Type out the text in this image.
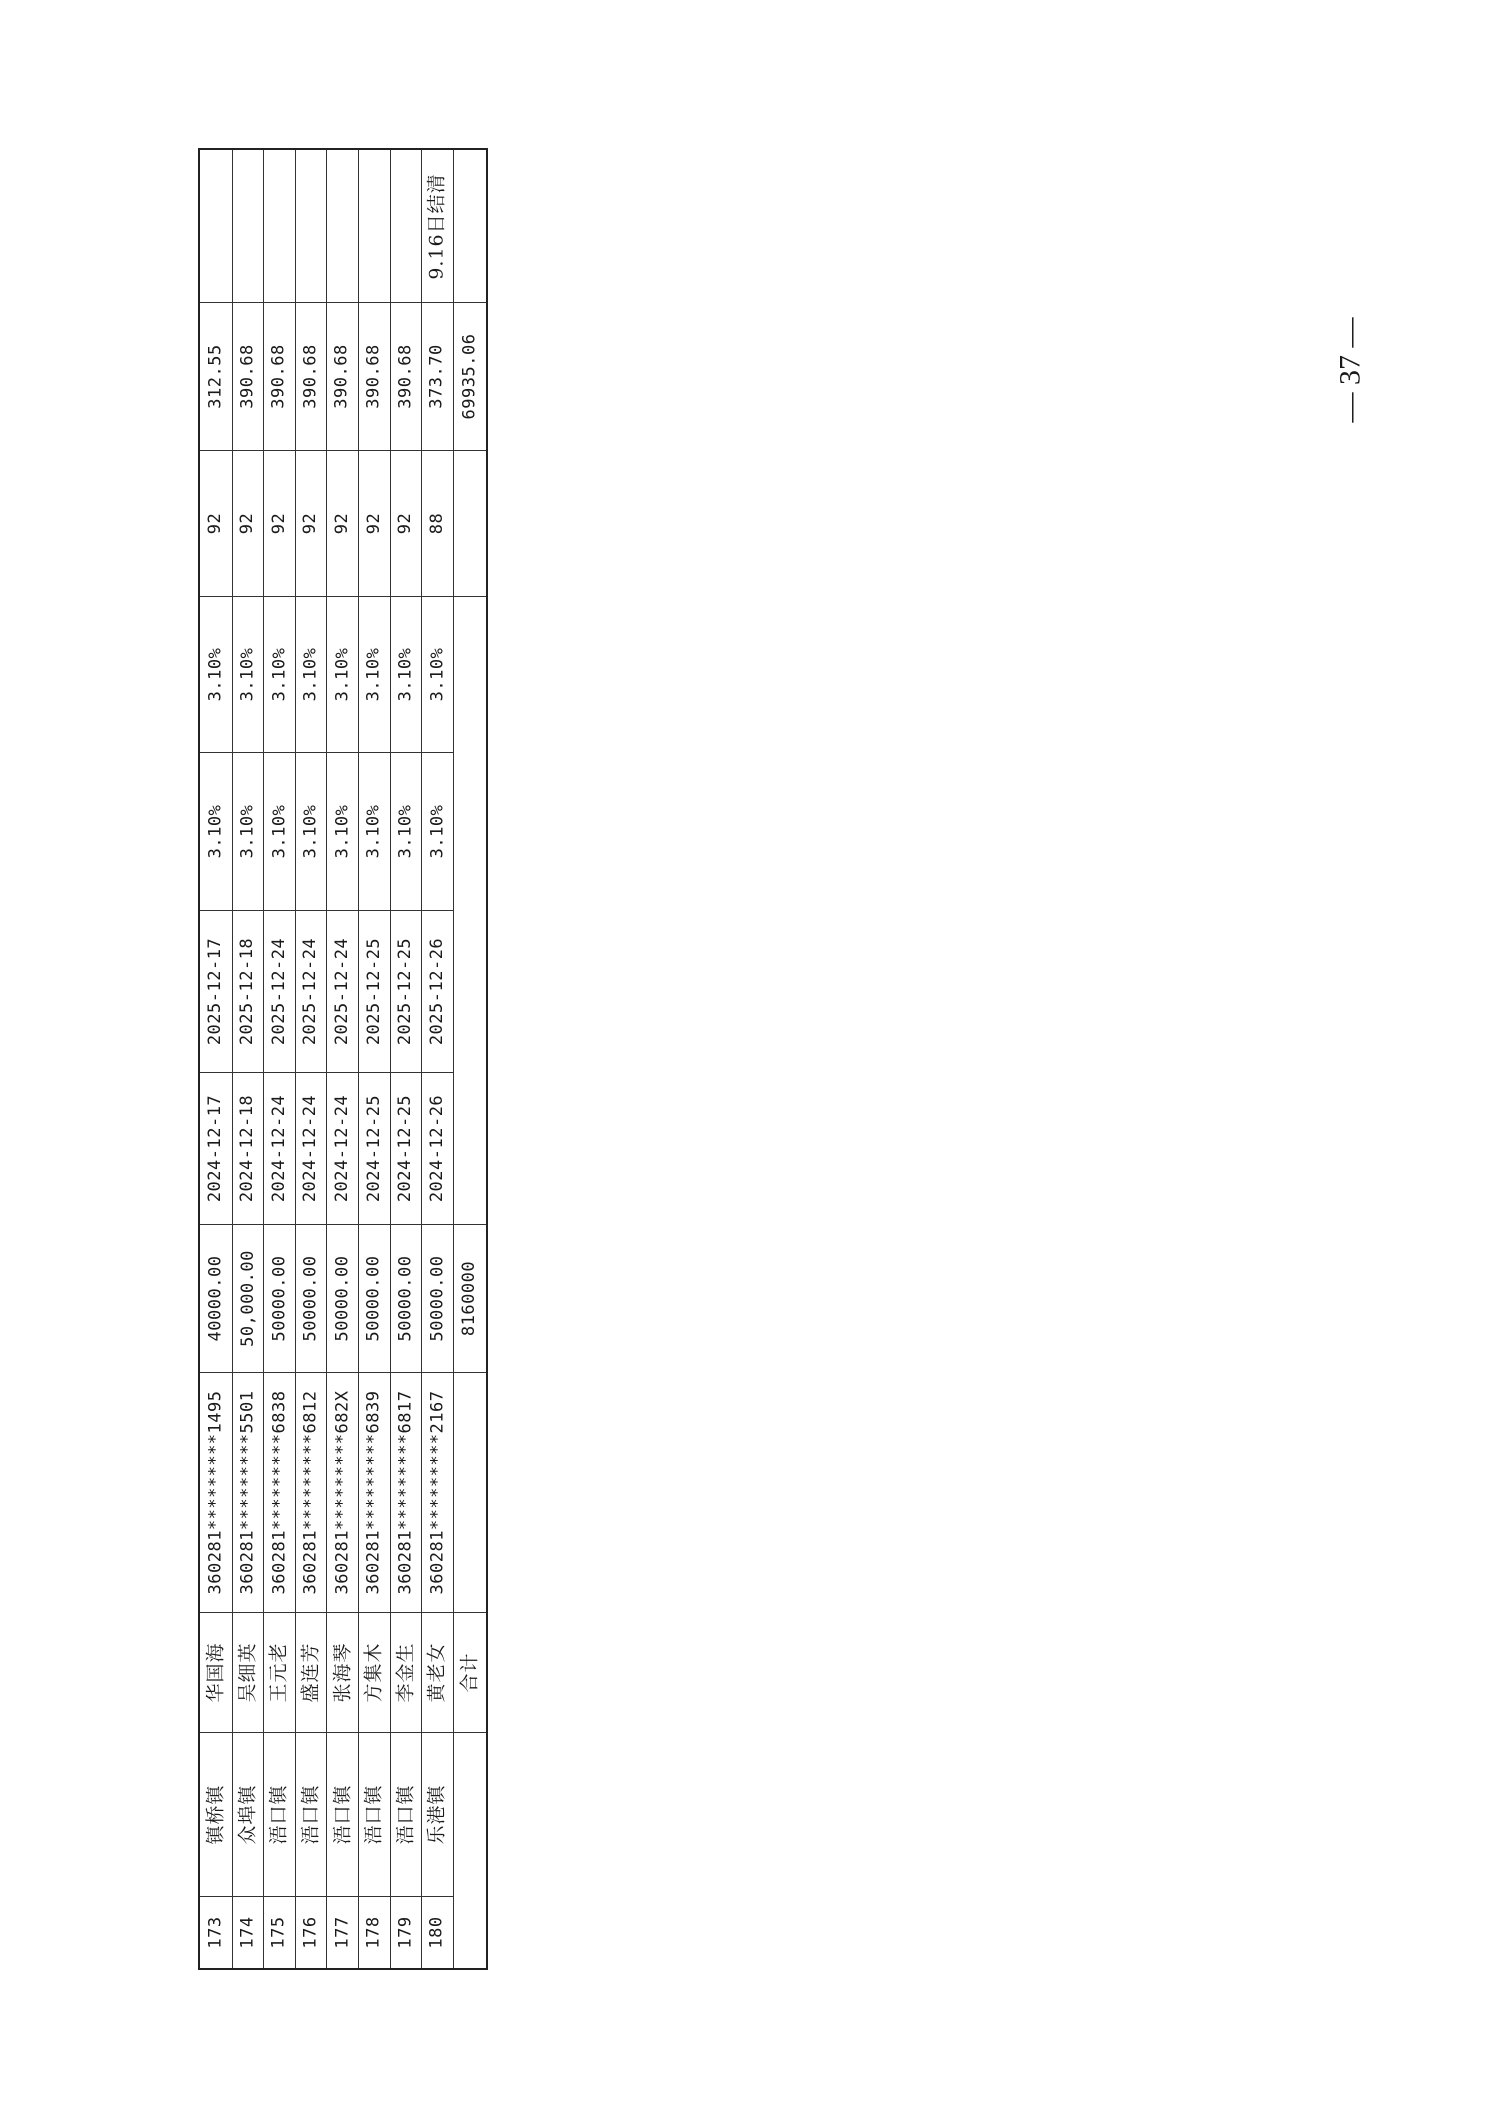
312.55
92
3.10%
3.10%
2025-12-17
2024-12-17
40000.00
360281*********1495
华国海
镇桥镇
173
390.68
92
3.10%
3.10%
2025-12-18
2024-12-18
50,000.00
360281*********5501
吴细英
众埠镇
174
390.68
92
3.10%
3.10%
2025-12-24
2024-12-24
50000.00
360281*********6838
王元老
浯口镇
175
390.68
92
3.10%
3.10%
2025-12-24
2024-12-24
50000.00
360281*********6812
盛连芳
浯口镇
176
390.68
92
3.10%
3.10%
2025-12-24
2024-12-24
50000.00
360281*********682X
张海琴
浯口镇
177
390.68
92
3.10%
3.10%
2025-12-25
2024-12-25
50000.00
360281*********6839
方集木
浯口镇
178
390.68
92
3.10%
3.10%
2025-12-25
2024-12-25
50000.00
360281*********6817
李金生
浯口镇
179
9.16日结清
373.70
88
3.10%
3.10%
2025-12-26
2024-12-26
50000.00
360281*********2167
黄老女
乐港镇
180
69935.06
8160000
合计
— 37 —
